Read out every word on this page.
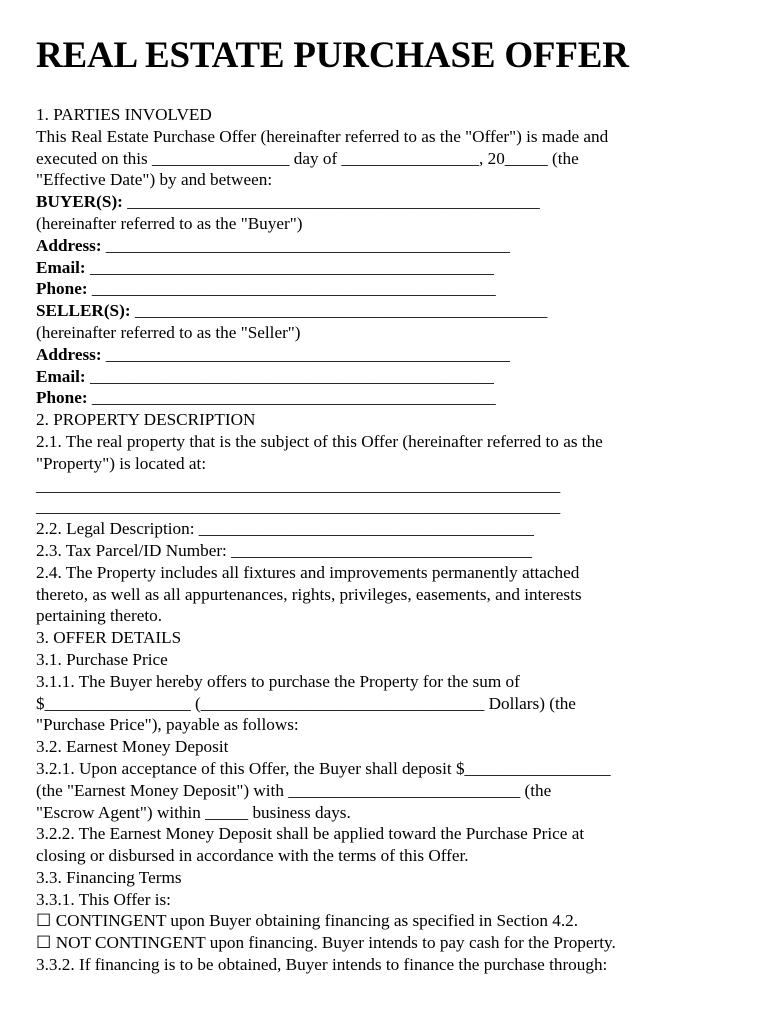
REAL ESTATE PURCHASE OFFER
1. PARTIES INVOLVED
This Real Estate Purchase Offer (hereinafter referred to as the "Offer") is made and
executed on this ________________ day of ________________, 20_____ (the
"Effective Date") by and between:
BUYER(S): ________________________________________________
(hereinafter referred to as the "Buyer")
Address: _______________________________________________
Email: _______________________________________________
Phone: _______________________________________________
SELLER(S): ________________________________________________
(hereinafter referred to as the "Seller")
Address: _______________________________________________
Email: _______________________________________________
Phone: _______________________________________________
2. PROPERTY DESCRIPTION
2.1. The real property that is the subject of this Offer (hereinafter referred to as the
"Property") is located at:
_____________________________________________________________
_____________________________________________________________
2.2. Legal Description: _______________________________________
2.3. Tax Parcel/ID Number: ___________________________________
2.4. The Property includes all fixtures and improvements permanently attached
thereto, as well as all appurtenances, rights, privileges, easements, and interests
pertaining thereto.
3. OFFER DETAILS
3.1. Purchase Price
3.1.1. The Buyer hereby offers to purchase the Property for the sum of
$_________________ (_________________________________ Dollars) (the
"Purchase Price"), payable as follows:
3.2. Earnest Money Deposit
3.2.1. Upon acceptance of this Offer, the Buyer shall deposit $_________________
(the "Earnest Money Deposit") with ___________________________ (the
"Escrow Agent") within _____ business days.
3.2.2. The Earnest Money Deposit shall be applied toward the Purchase Price at
closing or disbursed in accordance with the terms of this Offer.
3.3. Financing Terms
3.3.1. This Offer is:
☐ CONTINGENT upon Buyer obtaining financing as specified in Section 4.2.
☐ NOT CONTINGENT upon financing. Buyer intends to pay cash for the Property.
3.3.2. If financing is to be obtained, Buyer intends to finance the purchase through:
